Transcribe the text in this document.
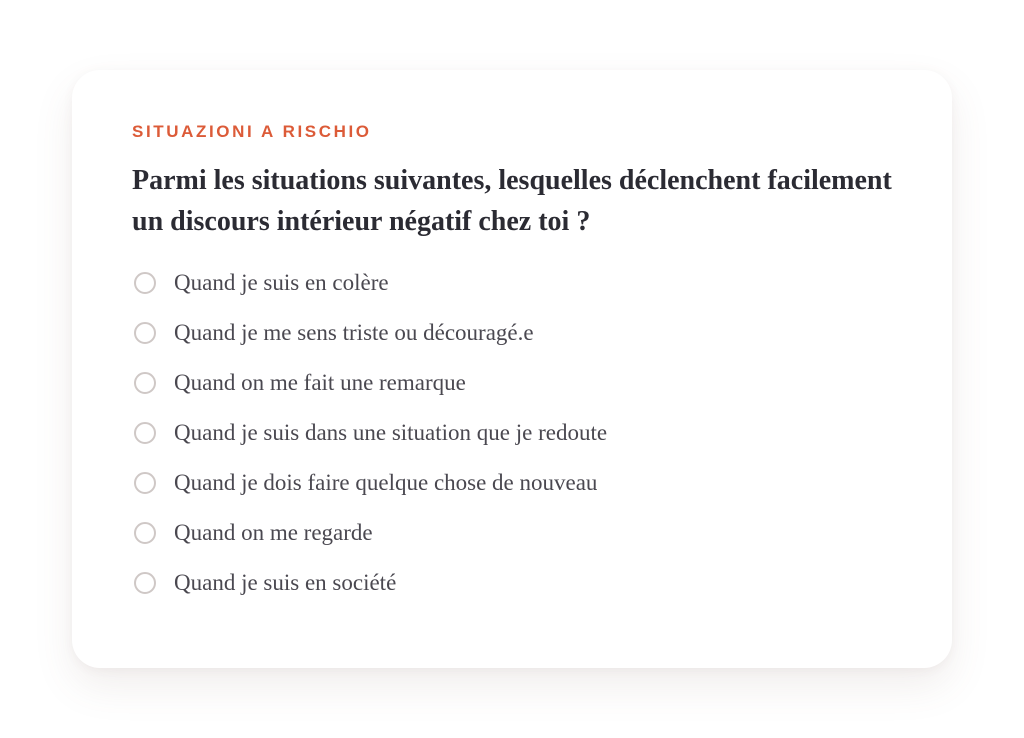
SITUAZIONI A RISCHIO
Parmi les situations suivantes, lesquelles déclenchent facilement un discours intérieur négatif chez toi ?
Quand je suis en colère
Quand je me sens triste ou découragé.e
Quand on me fait une remarque
Quand je suis dans une situation que je redoute
Quand je dois faire quelque chose de nouveau
Quand on me regarde
Quand je suis en société
